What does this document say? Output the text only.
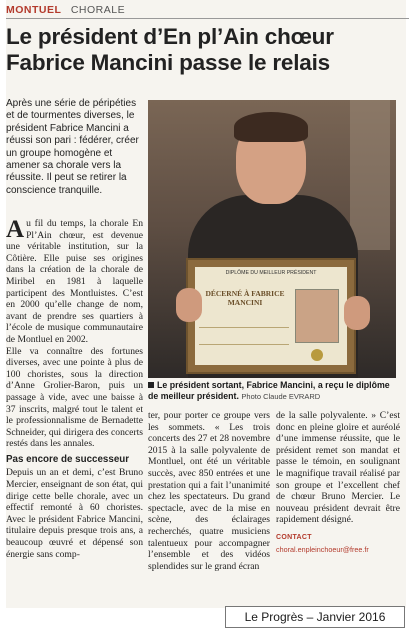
MONTUEL CHORALE
Le président d’En pl’Ain chœur Fabrice Mancini passe le relais
Après une série de péripéties et de tourmentes diverses, le président Fabrice Mancini a réussi son pari : fédérer, créer un groupe homogène et amener sa chorale vers la réussite. Il peut se retirer la conscience tranquille.
DIPLÔME DU MEILLEUR PRÉSIDENT
DÉCERNÉ À FABRICE MANCINI
Le président sortant, Fabrice Mancini, a reçu le diplôme de meilleur président. Photo Claude EVRARD

Au fil du temps, la chorale En Pl’Ain chœur, est devenue une véritable institution, sur la Côtière. Elle puise ses origines dans la création de la chorale de Miribel en 1981 à laquelle participent des Montluistes. C’est en 2000 qu’elle change de nom, avant de prendre ses quartiers à l’école de musique communautaire de Montluel en 2002.

Elle va connaître des fortunes diverses, avec une pointe à plus de 100 choristes, sous la direction d’Anne Grolier-Baron, puis un passage à vide, avec une baisse à 37 inscrits, malgré tout le talent et le professionnalisme de Bernadette Schneider, qui dirigera des concerts restés dans les annales.

Pas encore de successeur

Depuis un an et demi, c’est Bruno Mercier, enseignant de son état, qui dirige cette belle chorale, avec un effectif remonté à 60 choristes. Avec le président Fabrice Mancini, titulaire depuis presque trois ans, a beaucoup œuvré et dépensé son énergie sans comp-

ter, pour porter ce groupe vers les sommets. « Les trois concerts des 27 et 28 novembre 2015 à la salle polyvalente de Montluel, ont été un véritable succès, avec 850 entrées et une prestation qui a fait l’unanimité chez les spectateurs. Du grand spectacle, avec de la mise en scène, des éclairages recherchés, quatre musiciens talentueux pour accompagner l’ensemble et des vidéos splendides sur le grand écran

de la salle polyvalente. » C’est donc en pleine gloire et auréolé d’une immense réussite, que le président remet son mandat et passe le témoin, en soulignant le magnifique travail réalisé par son groupe et l’excellent chef de chœur Bruno Mercier. Le nouveau président devrait être rapidement désigné.

CONTACT
choral.enpleinchoeur@free.fr
Le Progrès – Janvier 2016
